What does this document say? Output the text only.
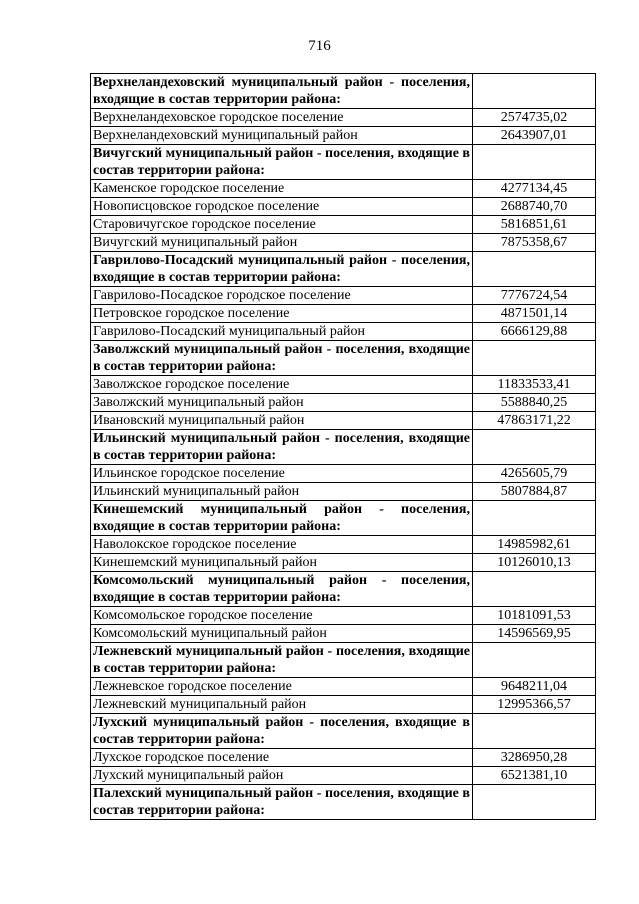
716
Верхнеландеховский муниципальный район - поселения, входящие в состав территории района:	
Верхнеландеховское городское поселение	2574735,02
Верхнеландеховский муниципальный район	2643907,01
Вичугский муниципальный район - поселения, входящие в состав территории района:	
Каменское городское поселение	4277134,45
Новописцовское городское поселение	2688740,70
Старовичугское городское поселение	5816851,61
Вичугский муниципальный район	7875358,67
Гаврилово-Посадский муниципальный район - поселения, входящие в состав территории района:	
Гаврилово-Посадское городское поселение	7776724,54
Петровское городское поселение	4871501,14
Гаврилово-Посадский муниципальный район	6666129,88
Заволжский муниципальный район - поселения, входящие в состав территории района:	
Заволжское городское поселение	11833533,41
Заволжский муниципальный район	5588840,25
Ивановский муниципальный район	47863171,22
Ильинский муниципальный район - поселения, входящие в состав территории района:	
Ильинское городское поселение	4265605,79
Ильинский муниципальный район	5807884,87
Кинешемский муниципальный район - поселения, входящие в состав территории района:	
Наволокское городское поселение	14985982,61
Кинешемский муниципальный район	10126010,13
Комсомольский муниципальный район - поселения, входящие в состав территории района:	
Комсомольское городское поселение	10181091,53
Комсомольский муниципальный район	14596569,95
Лежневский муниципальный район - поселения, входящие в состав территории района:	
Лежневское городское поселение	9648211,04
Лежневский муниципальный район	12995366,57
Лухский муниципальный район - поселения, входящие в состав территории района:	
Лухское городское поселение	3286950,28
Лухский муниципальный район	6521381,10
Палехский муниципальный район - поселения, входящие в состав территории района:	
